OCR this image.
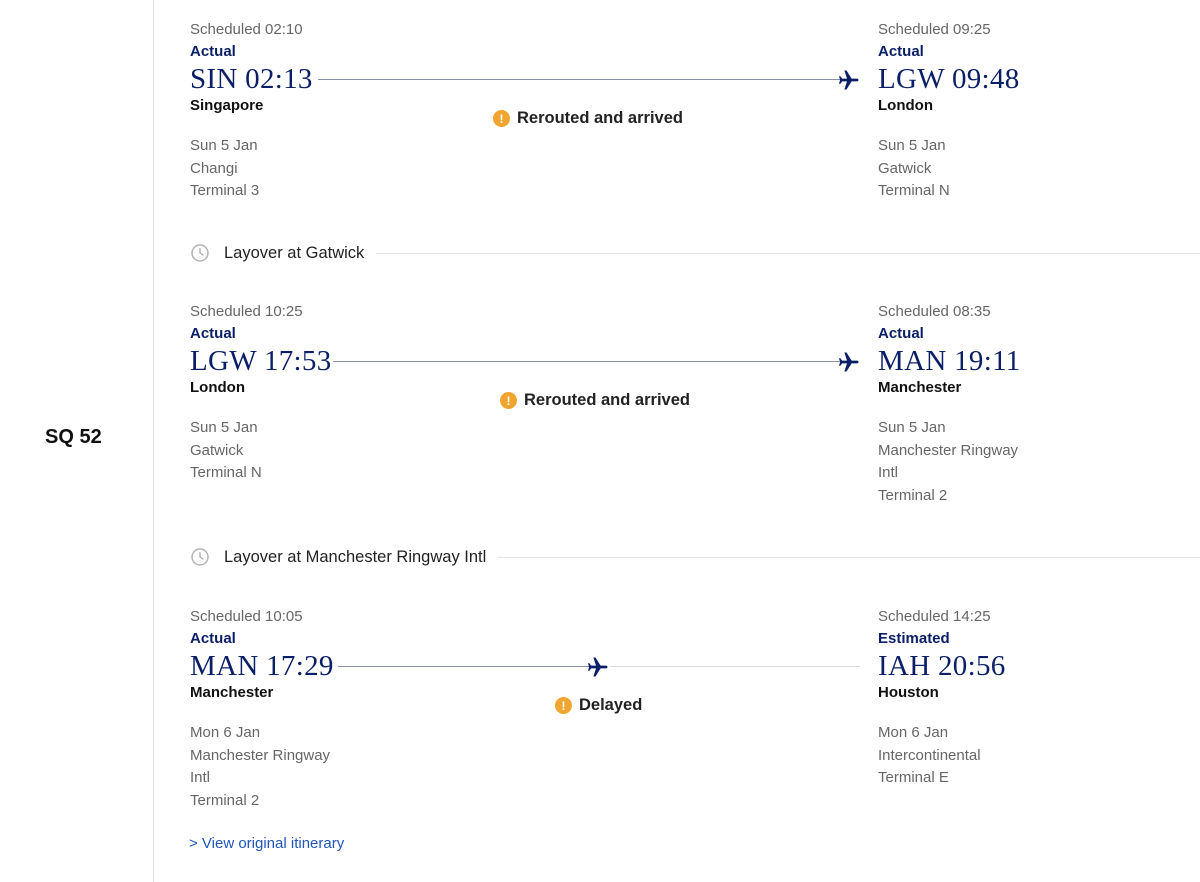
SQ 52
Scheduled 02:10
Actual
SIN 02:13
Singapore
Sun 5 Jan
Changi
Terminal 3
! Rerouted and arrived
Scheduled 09:25
Actual
LGW 09:48
London
Sun 5 Jan
Gatwick
Terminal N
Layover at Gatwick
Scheduled 10:25
Actual
LGW 17:53
London
Sun 5 Jan
Gatwick
Terminal N
! Rerouted and arrived
Scheduled 08:35
Actual
MAN 19:11
Manchester
Sun 5 Jan
Manchester Ringway
Intl
Terminal 2
Layover at Manchester Ringway Intl
Scheduled 10:05
Actual
MAN 17:29
Manchester
Mon 6 Jan
Manchester Ringway
Intl
Terminal 2
! Delayed
Scheduled 14:25
Estimated
IAH 20:56
Houston
Mon 6 Jan
Intercontinental
Terminal E
> View original itinerary
